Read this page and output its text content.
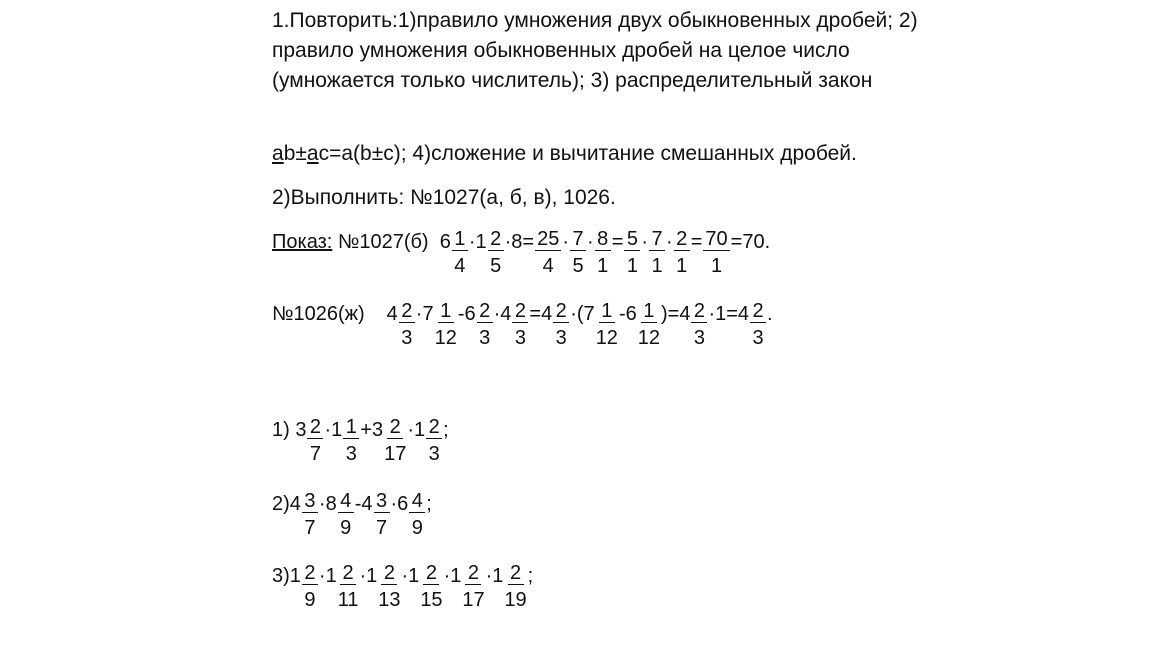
1.Повторить:1)правило умножения двух обыкновенных дробей; 2) правило умножения обыкновенных дробей на целое число (умножается только числитель); 3) распределительный закон

ab±ac=a(b±c); 4)сложение и вычитание смешанных дробей.

2)Выполнить: №1027(а, б, в), 1026.

Показ: №1027(б)  $6 \frac{1}{4} \cdot 1 \frac{2}{5} \cdot 8= \frac{25}{4} \cdot \frac{7}{5} \cdot \frac{8}{1} = \frac{5}{1} \cdot \frac{7}{1} \cdot \frac{2}{1} = \frac{70}{1} =70$.
№1026(ж) $4 \frac{2}{3} \cdot 7 \frac{1}{12} -6 \frac{2}{3} \cdot 4 \frac{2}{3} =4 \frac{2}{3} \cdot(7 \frac{1}{12} -6 \frac{1}{12} )=4 \frac{2}{3} \cdot 1=4 \frac{2}{3}$ .
1) $3 \frac{2}{7} \cdot 1 \frac{1}{3} +3 \frac{2}{17} \cdot 1 \frac{2}{3}$ ;
$2)4 \frac{3}{7} \cdot 8 \frac{4}{9} -4 \frac{3}{7} \cdot 6 \frac{4}{9}$ ;
$3)1 \frac{2}{9} \cdot 1 \frac{2}{11} \cdot 1 \frac{2}{13} \cdot 1 \frac{2}{15} \cdot 1 \frac{2}{17} \cdot 1 \frac{2}{19}$ ;
